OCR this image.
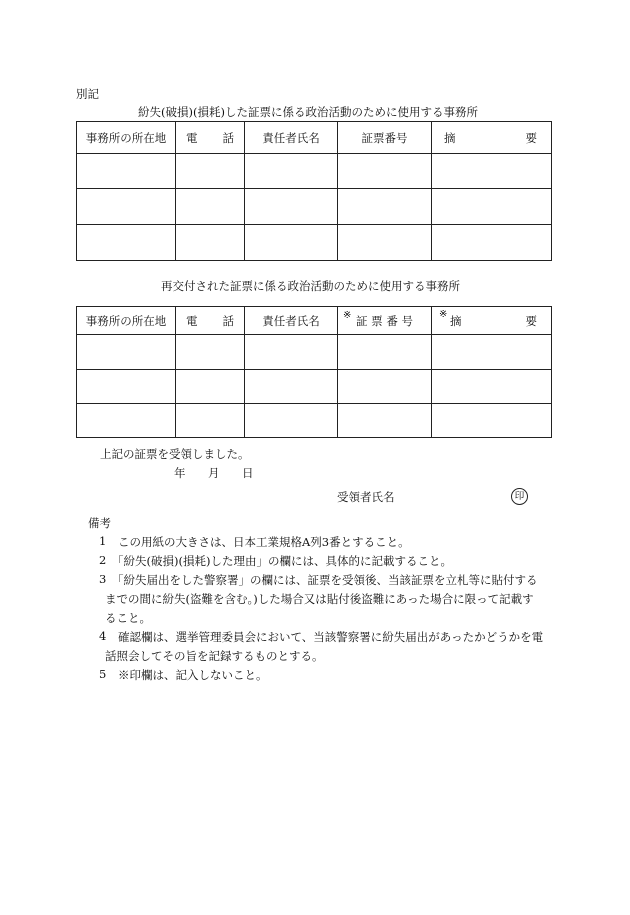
別記
紛失(破損)(損耗)した証票に係る政治活動のために使用する事務所
事務所の所在地	電 話	責任者氏名	証票番号	摘 要

再交付された証票に係る政治活動のために使用する事務所
事務所の所在地	電 話	責任者氏名	※ 証 票 番 号	※ 摘 要

上記の証票を受領しました。
年 月 日
受領者氏名	印
備考
1 この用紙の大きさは、日本工業規格A列3番とすること。
2 「紛失(破損)(損耗)した理由」の欄には、具体的に記載すること。
3 「紛失届出をした警察署」の欄には、証票を受領後、当該証票を立札等に貼付する
までの間に紛失(盗難を含む。)した場合又は貼付後盗難にあった場合に限って記載す
ること。
4 確認欄は、選挙管理委員会において、当該警察署に紛失届出があったかどうかを電
話照会してその旨を記録するものとする。
5 ※印欄は、記入しないこと。
